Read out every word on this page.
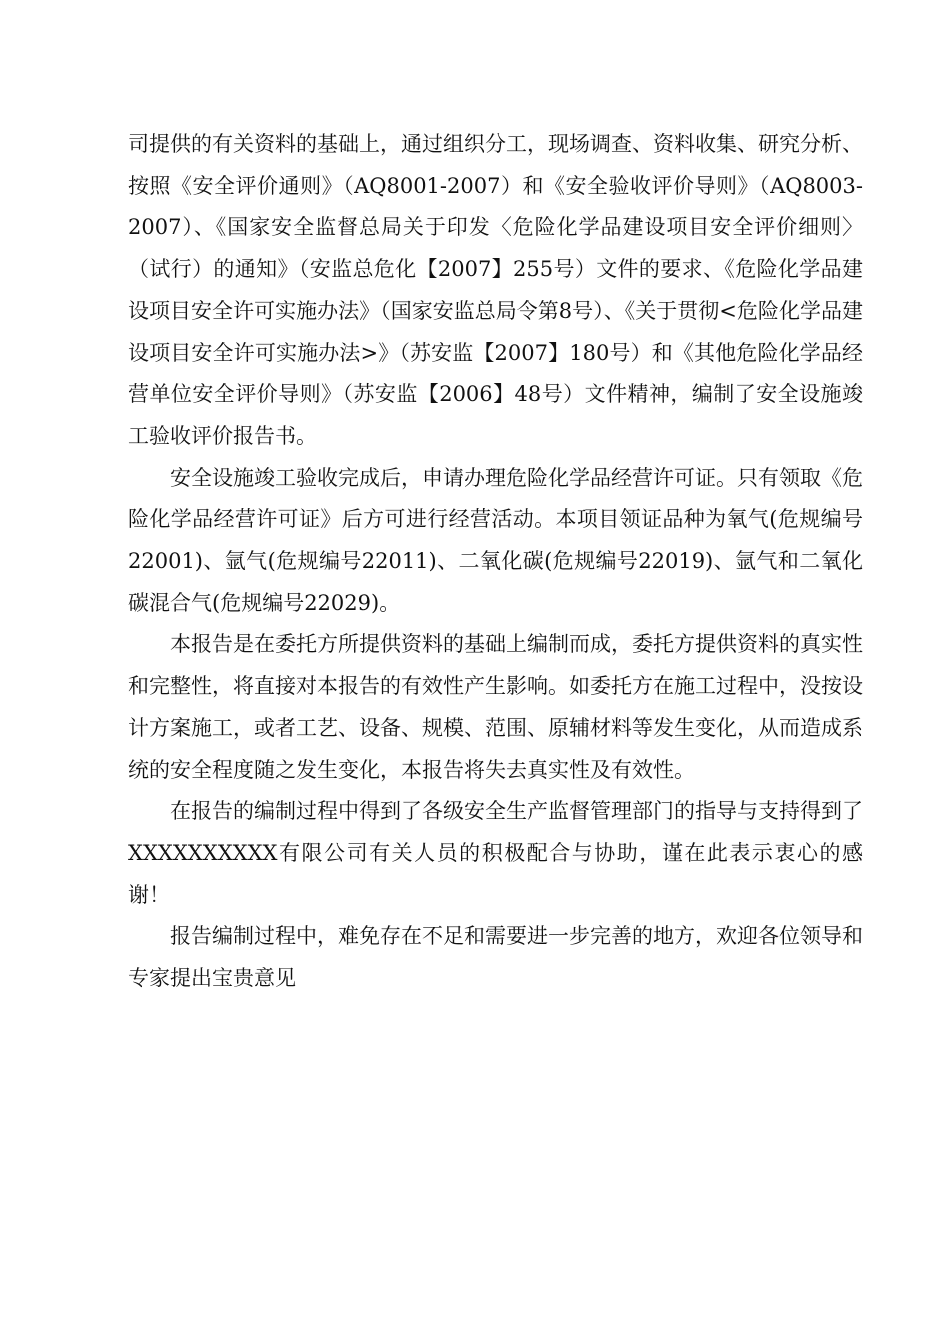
司提供的有关资料的基础上，通过组织分工，现场调查、资料收集、研究分析、按照《安全评价通则》（AQ8001-2007）和《安全验收评价导则》（AQ8003-2007）、《国家安全监督总局关于印发〈危险化学品建设项目安全评价细则〉（试行）的通知》（安监总危化【2007】255号）文件的要求、《危险化学品建设项目安全许可实施办法》（国家安监总局令第8号）、《关于贯彻<危险化学品建设项目安全许可实施办法>》（苏安监【2007】180号）和《其他危险化学品经营单位安全评价导则》（苏安监【2006】48号）文件精神，编制了安全设施竣工验收评价报告书。

安全设施竣工验收完成后，申请办理危险化学品经营许可证。只有领取《危险化学品经营许可证》后方可进行经营活动。本项目领证品种为氧气(危规编号22001)、氩气(危规编号22011)、二氧化碳(危规编号22019)、氩气和二氧化碳混合气(危规编号22029)。

本报告是在委托方所提供资料的基础上编制而成，委托方提供资料的真实性和完整性，将直接对本报告的有效性产生影响。如委托方在施工过程中，没按设计方案施工，或者工艺、设备、规模、范围、原辅材料等发生变化，从而造成系统的安全程度随之发生变化，本报告将失去真实性及有效性。

在报告的编制过程中得到了各级安全生产监督管理部门的指导与支持得到了XXXXXXXXXX有限公司有关人员的积极配合与协助，谨在此表示衷心的感谢！

报告编制过程中，难免存在不足和需要进一步完善的地方，欢迎各位领导和专家提出宝贵意见
